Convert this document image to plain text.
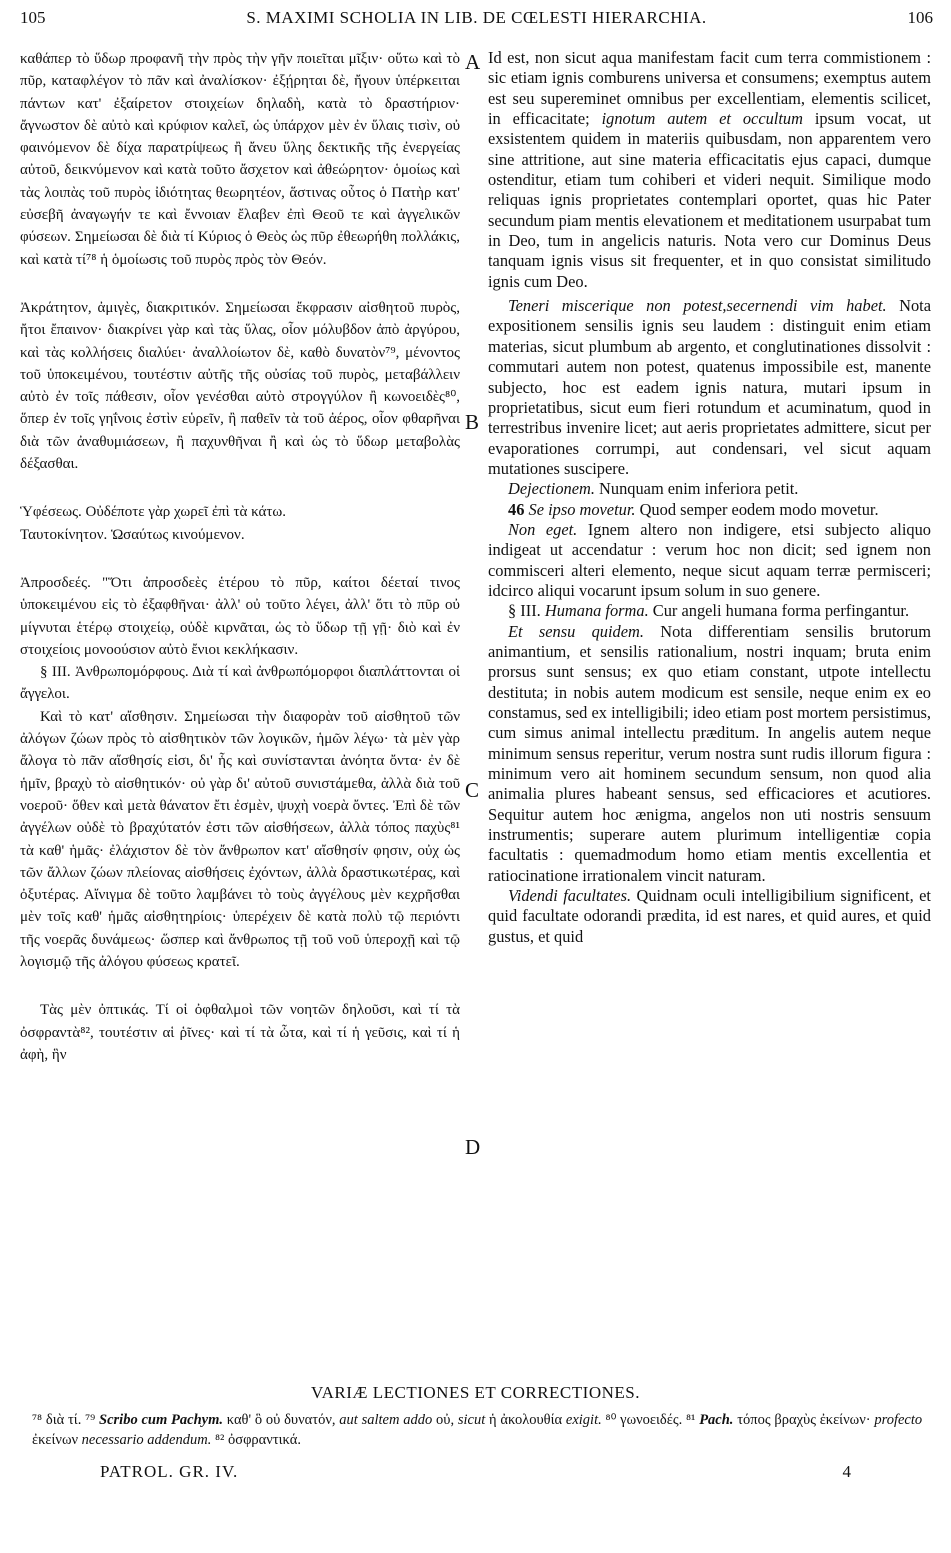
105	S. MAXIMI SCHOLIA IN LIB. DE CŒLESTI HIERARCHIA.	106

καθάπερ τὸ ὕδωρ προφανῆ τὴν πρὸς τὴν γῆν ποιεῖται μῖξιν· οὕτω καὶ τὸ πῦρ, καταφλέγον τὸ πᾶν καὶ ἀναλίσκον· ἐξῄρηται δὲ, ἤγουν ὑπέρκειται πάντων κατ' ἐξαίρετον στοιχείων δηλαδὴ, κατὰ τὸ δραστήριον· ἄγνωστον δὲ αὐτὸ καὶ κρύφιον καλεῖ, ὡς ὑπάρχον μὲν ἐν ὕλαις τισὶν, οὐ φαινόμενον δὲ δίχα παρατρίψεως ἢ ἄνευ ὕλης δεκτικῆς τῆς ἐνεργείας αὐτοῦ, δεικνύμενον καὶ κατὰ τοῦτο ἄσχετον καὶ ἀθεώρητον· ὁμοίως καὶ τὰς λοιπὰς τοῦ πυρὸς ἰδιότητας θεωρητέον, ἅστινας οὗτος ὁ Πατὴρ κατ' εὐσεβῆ ἀναγωγήν τε καὶ ἔννοιαν ἔλαβεν ἐπὶ Θεοῦ τε καὶ ἀγγελικῶν φύσεων. Σημείωσαι δὲ διὰ τί Κύριος ὁ Θεὸς ὡς πῦρ ἐθεωρήθη πολλάκις, καὶ κατὰ τί⁷⁸ ἡ ὁμοίωσις τοῦ πυρὸς πρὸς τὸν Θεόν.

Ἀκράτητον, ἀμιγὲς, διακριτικόν. Σημείωσαι ἔκφρασιν αἰσθητοῦ πυρὸς, ἤτοι ἔπαινον· διακρίνει γὰρ καὶ τὰς ὕλας, οἷον μόλυβδον ἀπὸ ἀργύρου, καὶ τὰς κολλήσεις διαλύει· ἀναλλοίωτον δὲ, καθὸ δυνατὸν⁷⁹, μένοντος τοῦ ὑποκειμένου, τουτέστιν αὐτῆς τῆς οὐσίας τοῦ πυρὸς, μεταβάλλειν αὐτὸ ἐν τοῖς πάθεσιν, οἷον γενέσθαι αὐτὸ στρογγύλον ἢ κωνοειδὲς⁸⁰, ὅπερ ἐν τοῖς γηΐνοις ἐστὶν εὑρεῖν, ἢ παθεῖν τὰ τοῦ ἀέρος, οἷον φθαρῆναι διὰ τῶν ἀναθυμιάσεων, ἢ παχυνθῆναι ἢ καὶ ὡς τὸ ὕδωρ μεταβολὰς δέξασθαι.

Ὑφέσεως. Οὐδέποτε γὰρ χωρεῖ ἐπὶ τὰ κάτω.

Ταυτοκίνητον. Ὡσαύτως κινούμενον.

Ἀπροσδεές. "Ὅτι ἀπροσδεὲς ἑτέρου τὸ πῦρ, καίτοι δέεταί τινος ὑποκειμένου εἰς τὸ ἐξαφθῆναι· ἀλλ' οὐ τοῦτο λέγει, ἀλλ' ὅτι τὸ πῦρ οὐ μίγνυται ἑτέρῳ στοιχείῳ, οὐδὲ κιρνᾶται, ὡς τὸ ὕδωρ τῇ γῇ· διὸ καὶ ἐν στοιχείοις μονοούσιον αὐτὸ ἔνιοι κεκλήκασιν.

§ III. Ἀνθρωπομόρφους. Διὰ τί καὶ ἀνθρωπόμορφοι διαπλάττονται οἱ ἄγγελοι.

Καὶ τὸ κατ' αἴσθησιν. Σημείωσαι τὴν διαφορὰν τοῦ αἰσθητοῦ τῶν ἀλόγων ζώων πρὸς τὸ αἰσθητικὸν τῶν λογικῶν, ἡμῶν λέγω· τὰ μὲν γὰρ ἄλογα τὸ πᾶν αἴσθησίς εἰσι, δι' ἧς καὶ συνίστανται ἀνόητα ὄντα· ἐν δὲ ἡμῖν, βραχὺ τὸ αἰσθητικόν· οὐ γὰρ δι' αὐτοῦ συνιστάμεθα, ἀλλὰ διὰ τοῦ νοεροῦ· ὅθεν καὶ μετὰ θάνατον ἔτι ἐσμὲν, ψυχὴ νοερὰ ὄντες. Ἐπὶ δὲ τῶν ἀγγέλων οὐδὲ τὸ βραχύτατόν ἐστι τῶν αἰσθήσεων, ἀλλὰ τόπος παχὺς⁸¹ τὰ καθ' ἡμᾶς· ἐλάχιστον δὲ τὸν ἄνθρωπον κατ' αἴσθησίν φησιν, οὐχ ὡς τῶν ἄλλων ζώων πλείονας αἰσθήσεις ἐχόντων, ἀλλὰ δραστικωτέρας, καὶ ὀξυτέρας. Αἴνιγμα δὲ τοῦτο λαμβάνει τὸ τοὺς ἀγγέλους μὲν κεχρῆσθαι μὲν τοῖς καθ' ἡμᾶς αἰσθητηρίοις· ὑπερέχειν δὲ κατὰ πολὺ τῷ περιόντι τῆς νοερᾶς δυνάμεως· ὥσπερ καὶ ἄνθρωπος τῇ τοῦ νοῦ ὑπεροχῇ καὶ τῷ λογισμῷ τῆς ἀλόγου φύσεως κρατεῖ.

Τὰς μὲν ὀπτικάς. Τί οἱ ὀφθαλμοὶ τῶν νοητῶν δηλοῦσι, καὶ τί τὰ ὀσφραντὰ⁸², τουτέστιν αἱ ῥῖνες· καὶ τί τὰ ὦτα, καὶ τί ἡ γεῦσις, καὶ τί ἡ ἀφὴ, ἣν

A
B
C
D

Id est, non sicut aqua manifestam facit cum terra commistionem : sic etiam ignis comburens universa et consumens; exemptus autem est seu supereminet omnibus per excellentiam, elementis scilicet, in efficacitate; ignotum autem et occultum ipsum vocat, ut exsistentem quidem in materiis quibusdam, non apparentem vero sine attritione, aut sine materia efficacitatis ejus capaci, dumque ostenditur, etiam tum cohiberi et videri nequit. Similique modo reliquas ignis proprietates contemplari oportet, quas hic Pater secundum piam mentis elevationem et meditationem usurpabat tum in Deo, tum in angelicis naturis. Nota vero cur Dominus Deus tanquam ignis visus sit frequenter, et in quo consistat similitudo ignis cum Deo.

Teneri miscerique non potest,secernendi vim habet. Nota expositionem sensilis ignis seu laudem : distinguit enim etiam materias, sicut plumbum ab argento, et conglutinationes dissolvit : commutari autem non potest, quatenus impossibile est, manente subjecto, hoc est eadem ignis natura, mutari ipsum in proprietatibus, sicut eum fieri rotundum et acuminatum, quod in terrestribus invenire licet; aut aeris proprietates admittere, sicut per evaporationes corrumpi, aut condensari, vel sicut aquam mutationes suscipere.

Dejectionem. Nunquam enim inferiora petit.

46 Se ipso movetur. Quod semper eodem modo movetur.

Non eget. Ignem altero non indigere, etsi subjecto aliquo indigeat ut accendatur : verum hoc non dicit; sed ignem non commisceri alteri elemento, neque sicut aquam terræ permisceri; idcirco aliqui vocarunt ipsum solum in suo genere.

§ III. Humana forma. Cur angeli humana forma perfingantur.

Et sensu quidem. Nota differentiam sensilis brutorum animantium, et sensilis rationalium, nostri inquam; bruta enim prorsus sunt sensus; ex quo etiam constant, utpote intellectu destituta; in nobis autem modicum est sensile, neque enim ex eo constamus, sed ex intelligibili; ideo etiam post mortem persistimus, cum simus animal intellectu præditum. In angelis autem neque minimum sensus reperitur, verum nostra sunt rudis illorum figura : minimum vero ait hominem secundum sensum, non quod alia animalia plures habeant sensus, sed efficaciores et acutiores. Sequitur autem hoc ænigma, angelos non uti nostris sensuum instrumentis; superare autem plurimum intelligentiæ copia facultatis : quemadmodum homo etiam mentis excellentia et ratiocinatione irrationalem vincit naturam.

Videndi facultates. Quidnam oculi intelligibilium significent, et quid facultate odorandi prædita, id est nares, et quid aures, et quid gustus, et quid

VARIÆ LECTIONES ET CORRECTIONES.
⁷⁸ διὰ τί. ⁷⁹ Scribo cum Pachym. καθ' ὃ οὐ δυνατόν, aut saltem addo οὐ, sicut ἡ ἀκολουθία exigit. ⁸⁰ γωνοειδές. ⁸¹ Pach. τόπος βραχὺς ἐκείνων· profecto ἐκείνων necessario addendum. ⁸² ὀσφραντικά.
PATROL. GR. IV.	4
